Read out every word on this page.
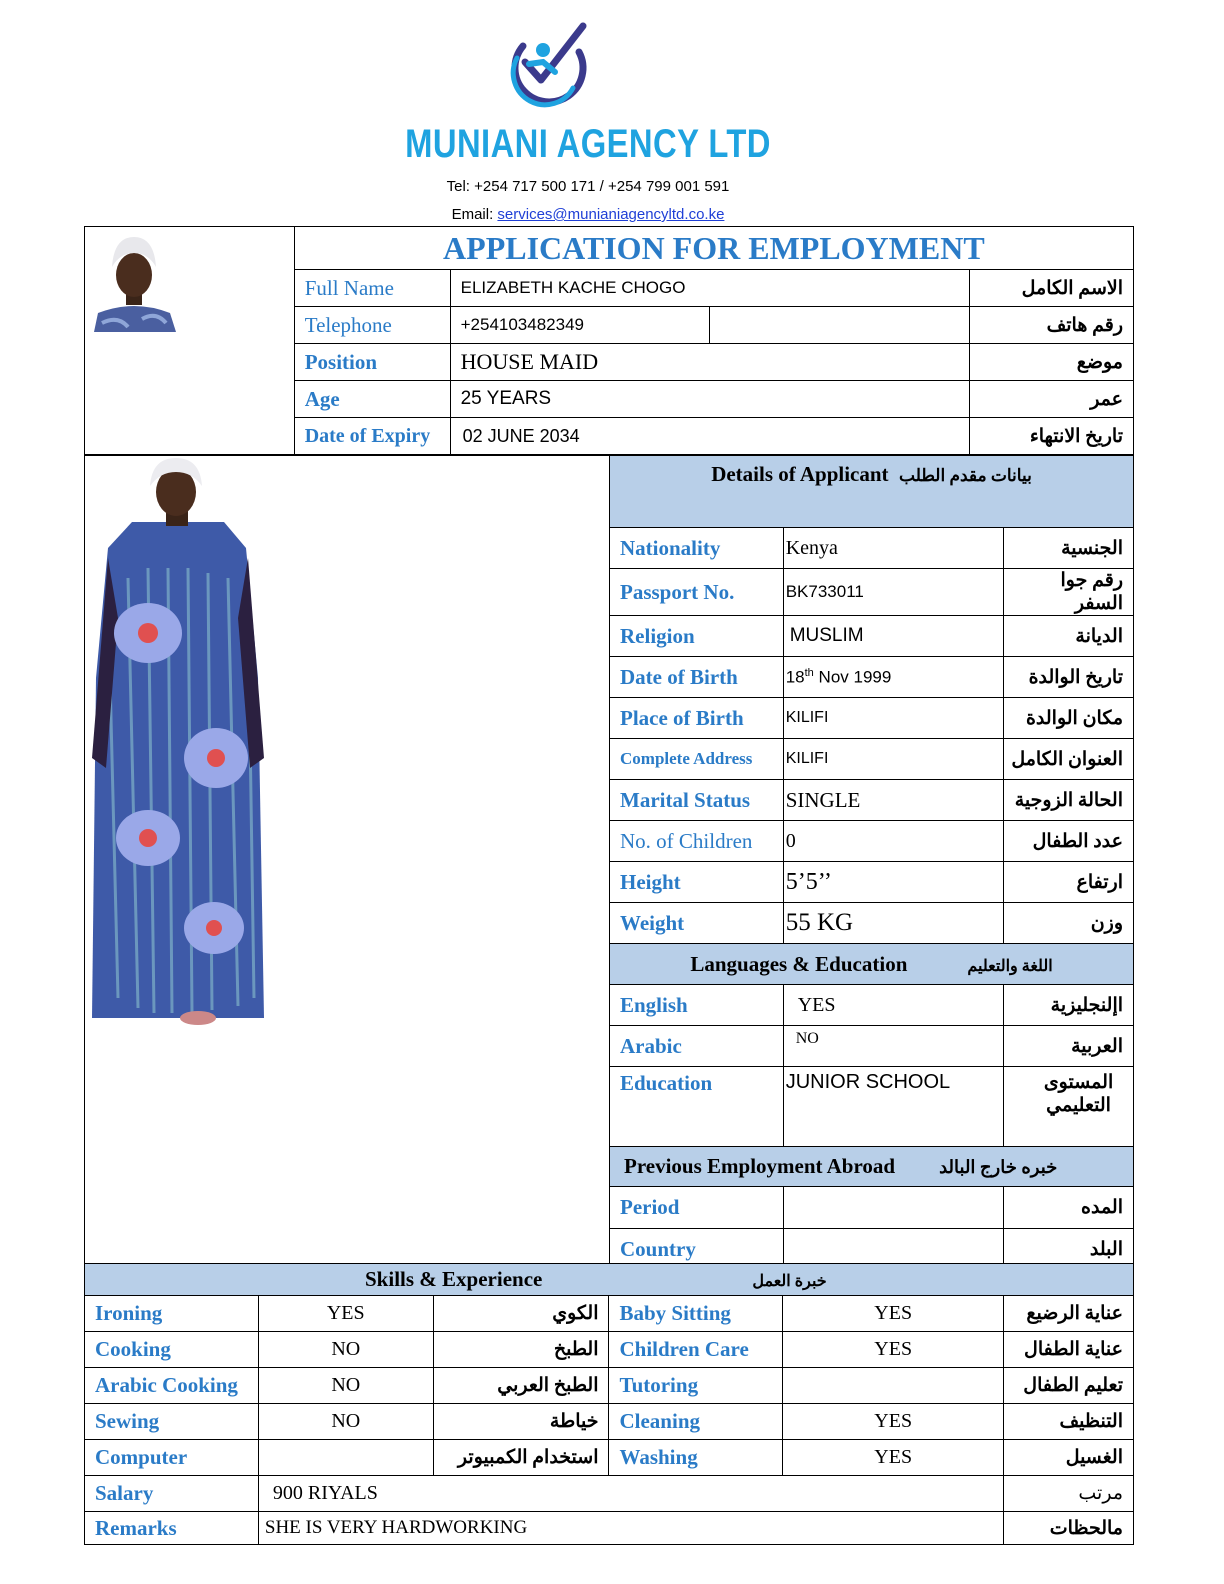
MUNIANI AGENCY LTD
Tel: +254 717 500 171 / +254 799 001 591
Email: services@munianiagencyltd.co.ke
	APPLICATION FOR EMPLOYMENT			
	Full Name	ELIZABETH KACHE CHOGO		الاسم الكامل
	Telephone	+254103482349		رقم هاتف
	Position	HOUSE MAID		موضع
	Age	25 YEARS		عمر
	Date of Expiry	02 JUNE 2034		تاريخ الانتهاء
Details of Applicant بيانات مقدم الطلب		
Nationality	Kenya	الجنسية
Passport No.	BK733011	رقم جوا السفر
Religion	MUSLIM	الديانة
Date of Birth	18th Nov 1999	تاريخ الوالدة
Place of Birth	KILIFI	مكان الوالدة
Complete Address	KILIFI	العنوان الكامل
Marital Status	SINGLE	الحالة الزوجية
No. of Children	0	عدد الطفال
Height	5’5’’	ارتفاع
Weight	55 KG	وزن
Languages & Education اللغة والتعليم		
English	YES	اإلنجليزية
Arabic	NO	العربية
Education	JUNIOR SCHOOL	المستوى التعليمي
Previous Employment Abroad خبره خارج البالد		
Period		المده
Country		البلد
Skills & Experience خبرة العمل					
Ironing	YES	الكوي	Baby Sitting	YES	عناية الرضيع
Cooking	NO	الطبخ	Children Care	YES	عناية الطفال
Arabic Cooking	NO	الطبخ العربي	Tutoring		تعليم الطفال
Sewing	NO	خياطة	Cleaning	YES	التنظيف
Computer		استخدام الكمبيوتر	Washing	YES	الغسيل
Salary	900 RIYALS				مرتب
Remarks	SHE IS VERY HARDWORKING				مالحظات
